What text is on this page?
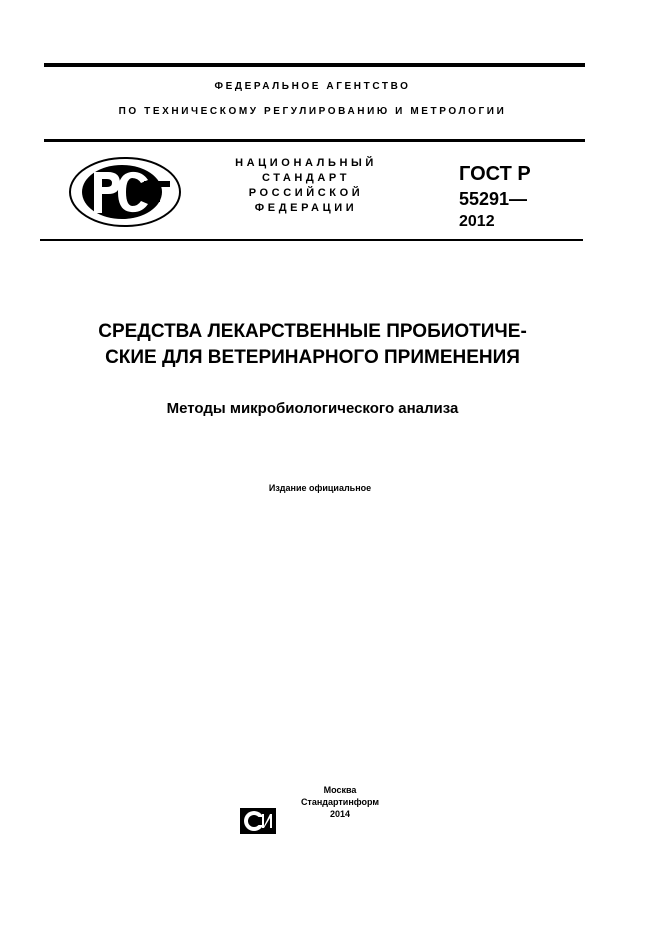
ФЕДЕРАЛЬНОЕ АГЕНТСТВО
ПО ТЕХНИЧЕСКОМУ РЕГУЛИРОВАНИЮ И МЕТРОЛОГИИ
НАЦИОНАЛЬНЫЙ
СТАНДАРТ
РОССИЙСКОЙ
ФЕДЕРАЦИИ
ГОСТ Р
55291—
2012
СРЕДСТВА ЛЕКАРСТВЕННЫЕ ПРОБИОТИЧЕ-
СКИЕ ДЛЯ ВЕТЕРИНАРНОГО ПРИМЕНЕНИЯ
Методы микробиологического анализа
Издание официальное
Москва
Стандартинформ
2014
